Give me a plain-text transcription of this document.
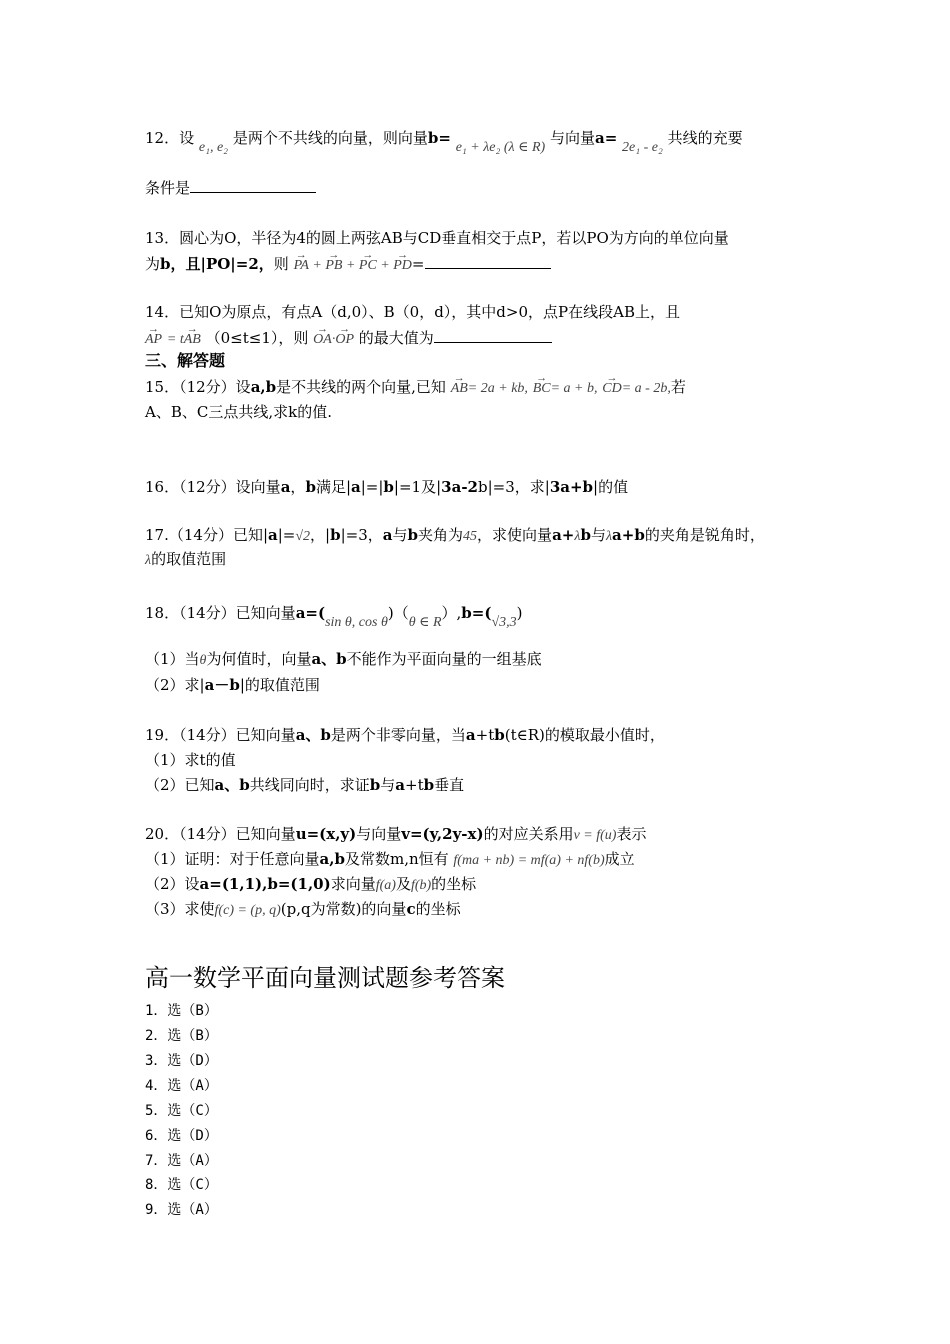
12．设 e₁, e₂ 是两个不共线的向量，则向量b= e₁ + λe₂ (λ ∈ R) 与向量a= 2e₁ - e₂ 共线的充要
条件是
13．圆心为O，半径为4的圆上两弦AB与CD垂直相交于点P，若以PO为方向的单位向量
为b，且|PO|=2，则 → PA + → PB + → PC + → PD=
14．已知O为原点，有点A（d,0）、B（0，d），其中d>0，点P在线段AB上，且
→ AP = t→ AB （0≤t≤1），则 → OA·→ OP 的最大值为
三、解答题
15．（12分）设a,b是不共线的两个向量,已知 → AB= 2a + kb, → BC= a + b, → CD= a - 2b,若
A、B、C三点共线,求k的值.
16．（12分）设向量a，b满足|a|=|b|=1及|3a-2b|=3，求|3a+b|的值
17.（14分）已知|a|=√2，|b|=3，a与b夹角为45，求使向量a+λb与λa+b的夹角是锐角时，
λ的取值范围
18．（14分）已知向量a=(sin θ, cos θ)（θ ∈ R）,b=(√3,3)
（1）当θ为何值时，向量a、b不能作为平面向量的一组基底
（2）求|a－b|的取值范围
19．（14分）已知向量a、b是两个非零向量，当a+tb(t∈R)的模取最小值时，
（1）求t的值
（2）已知a、b共线同向时，求证b与a+tb垂直
20．（14分）已知向量u=(x,y)与向量v=(y,2y-x)的对应关系用v = f(u)表示
（1）证明：对于任意向量a,b及常数m,n恒有 f(ma + nb) = mf(a) + nf(b)成立
（2）设a=(1,1),b=(1,0)求向量f(a)及f(b)的坐标
（3）求使f(c) = (p, q)(p,q为常数)的向量c的坐标
高一数学平面向量测试题参考答案
1．选（B）
2．选（B）
3．选（D）
4．选（A）
5．选（C）
6．选（D）
7．选（A）
8．选（C）
9．选（A）
